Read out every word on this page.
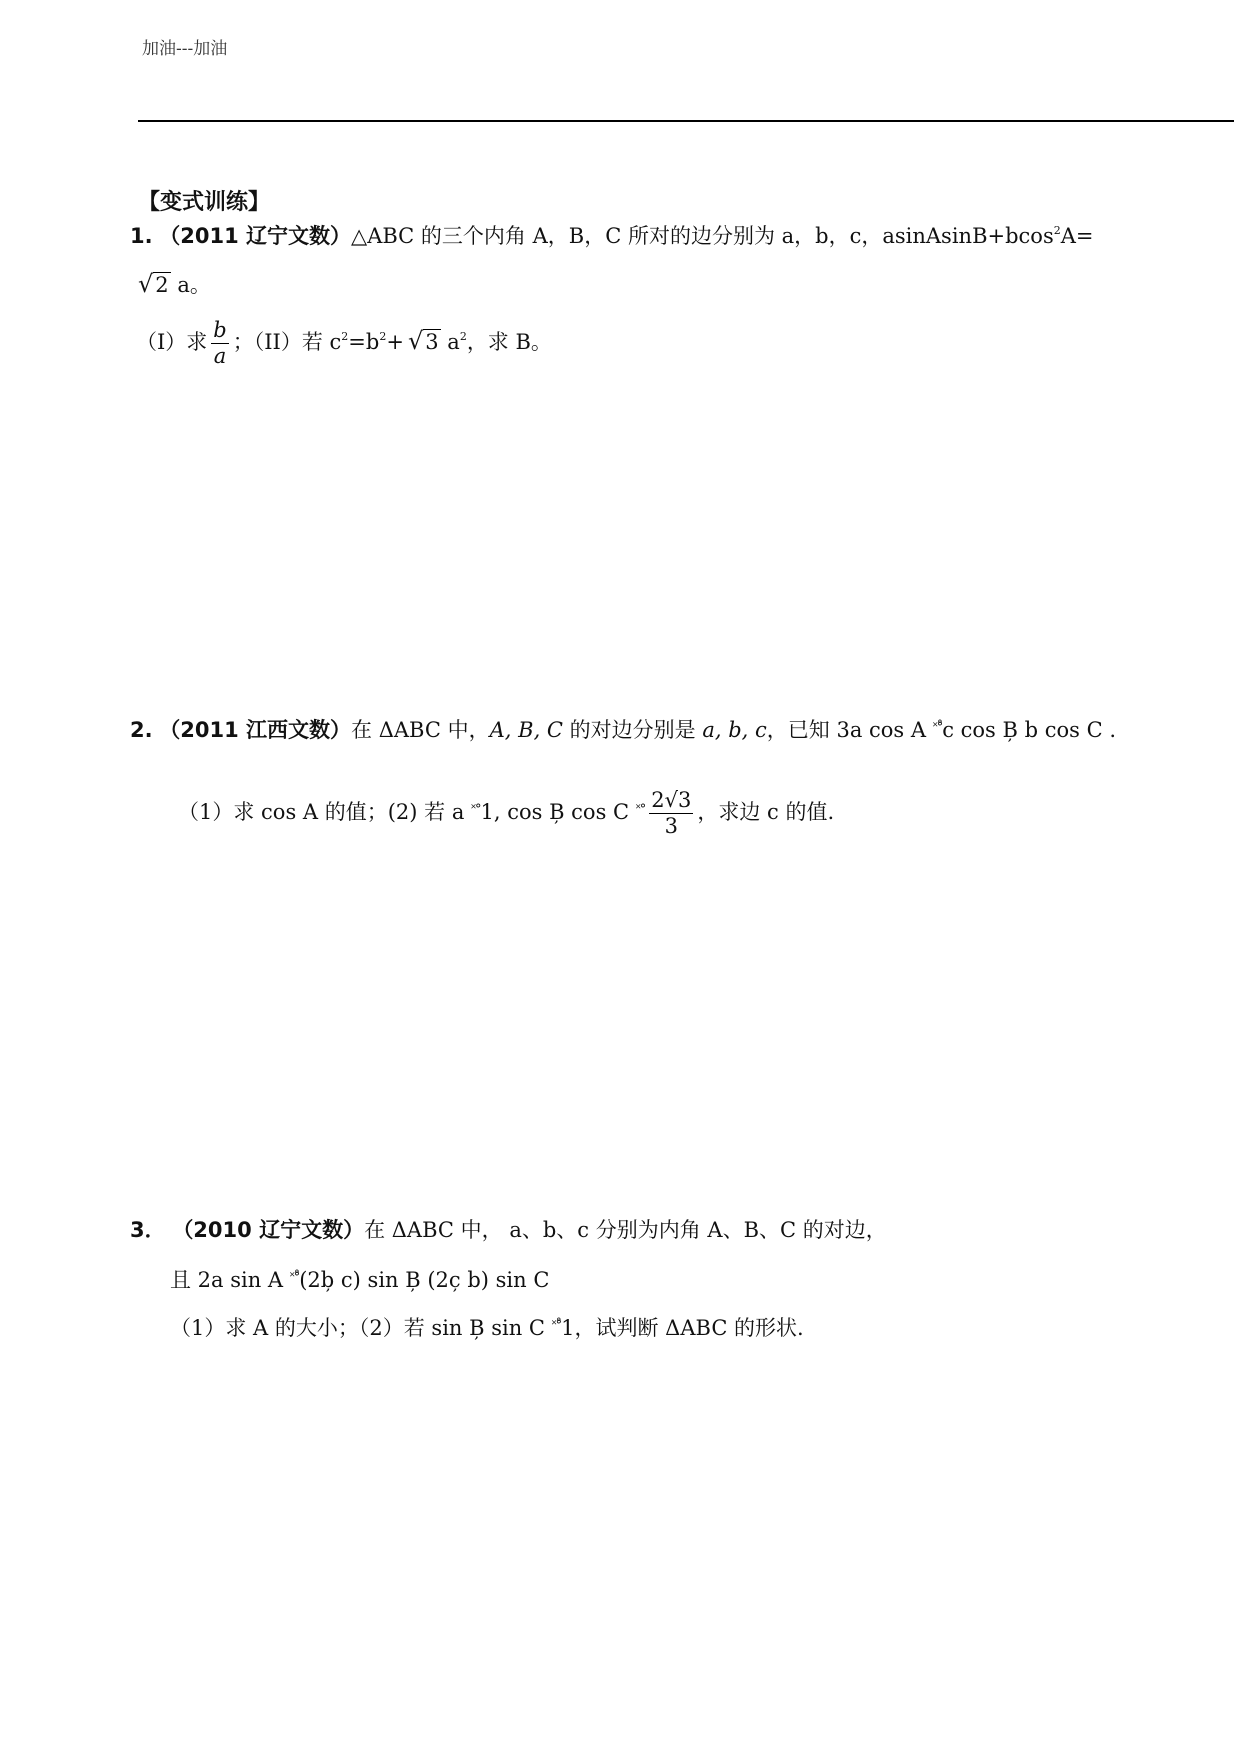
加油---加油
【变式训练】
1. （2011 辽宁文数）△ABC 的三个内角 A，B，C 所对的边分别为 a，b，c，asinAsinB+bcos$^2$A=
√2 a。
（I）求 $\frac{b}{a}$ ；（II）若 $c^2=b^2+ √3$ $a^2$，求 B。
2. （2011 江西文数）在 ΔABC 中，A, B, C 的对边分别是 a, b, c，已知 3a cos A ˟°̊c cos B̦ b cos C .
（1）求 cos A 的值；(2) 若 a ˟°1, cos B̦ cos C $^{˟^\circ} \frac{2√3}{3}$ ，求边 c 的值.
3． （2010 辽宁文数）在 ΔABC 中， a、b、c 分别为内角 A、B、C 的对边，
且 2a sin A ˟°̊(2b̦ c) sin B̦ (2c̦ b) sin C
（1）求 A 的大小；（2）若 sin B̦ sin C ˟°̊1，试判断 ΔABC 的形状.
